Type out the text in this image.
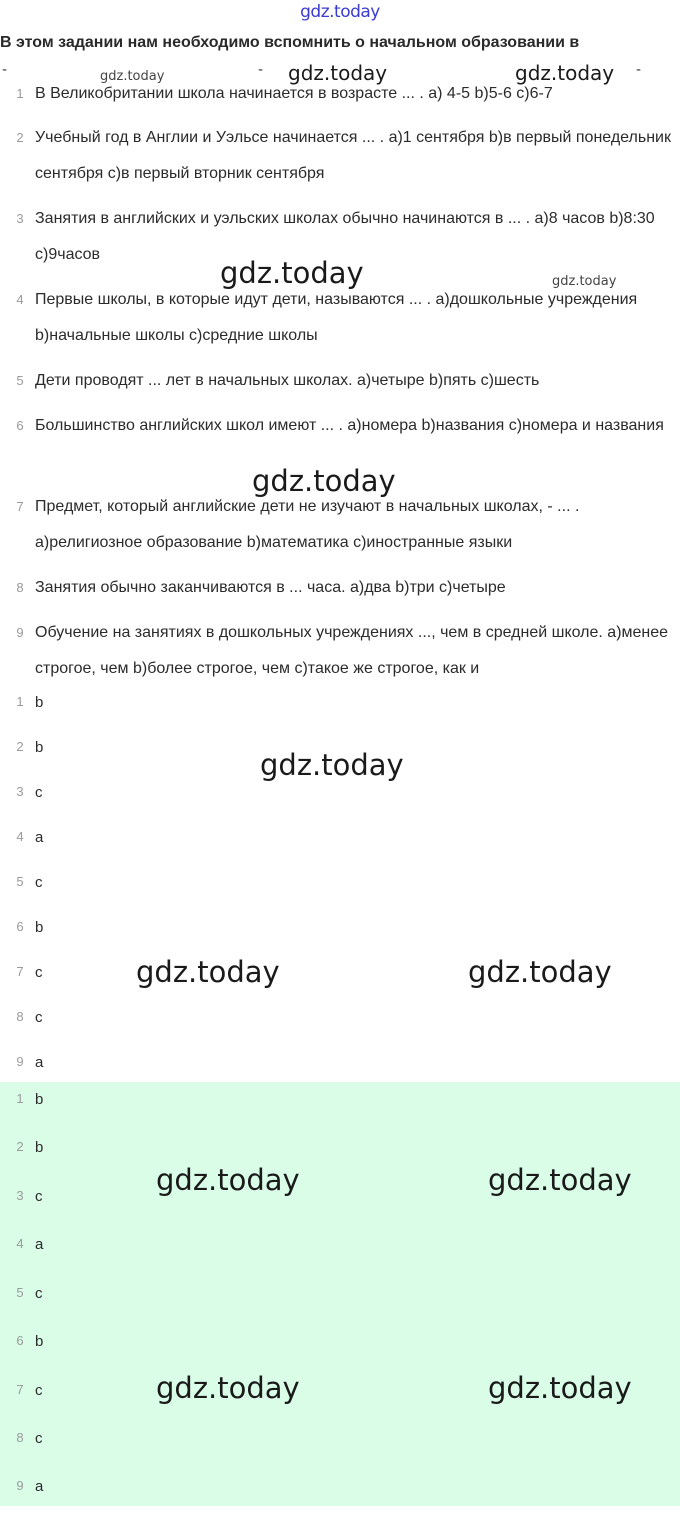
gdz.today
В этом задании нам необходимо вспомнить о начальном образовании в
-	gdz.today	- gdz.today	gdz.today -
1 В Великобритании школа начинается в возрасте ... . a) 4-5 b)5-6 c)6-7
2 Учебный год в Англии и Уэльсе начинается ... . a)1 сентября b)в первый понедельник сентября c)в первый вторник сентября
3 Занятия в английских и уэльских школах обычно начинаются в ... . a)8 часов b)8:30 c)9часов
4 Первые школы, в которые идут дети, называются ... . a)дошкольные учреждения b)начальные школы c)средние школы
5 Дети проводят ... лет в начальных школах. a)четыре b)пять c)шесть
6 Большинство английских школ имеют ... . a)номера b)названия c)номера и названия
7 Предмет, который английские дети не изучают в начальных школах, - ... . a)религиозное образование b)математика c)иностранные языки
8 Занятия обычно заканчиваются в ... часа. a)два b)три c)четыре
9 Обучение на занятиях в дошкольных учреждениях ..., чем в средней школе. a)менее строгое, чем b)более строгое, чем c)такое же строгое, как и
1 b
2 b
3 c
4 a
5 c
6 b
7 c
8 c
9 a
1 b
2 b
3 c
4 a
5 c
6 b
7 c
8 c
9 a
gdz.today	gdz.today
gdz.today
gdz.today
gdz.today	gdz.today
gdz.today	gdz.today
gdz.today	gdz.today
